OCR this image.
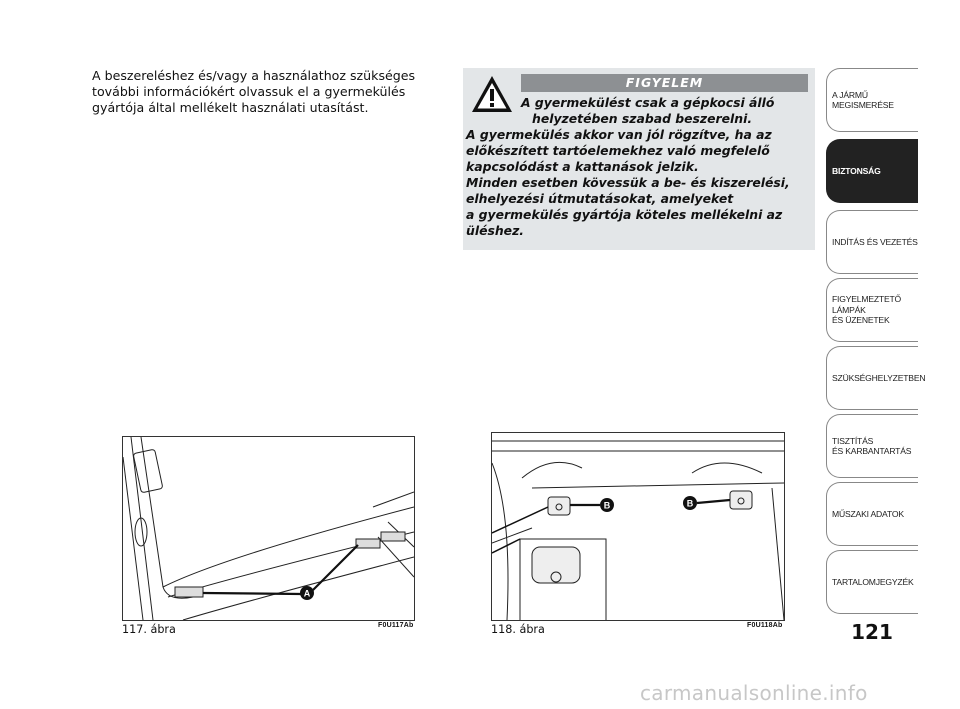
A beszereléshez és/vagy a használathoz szükséges
további információkért olvassuk el a gyermekülés
gyártója által mellékelt használati utasítást.
FIGYELEM
A gyermekülést csak a gépkocsi álló
helyzetében szabad beszerelni.
A gyermekülés akkor van jól rögzítve, ha az
előkészített tartóelemekhez való megfelelő
kapcsolódást a kattanások jelzik.
Minden esetben kövessük a be- és kiszerelési,
elhelyezési útmutatásokat, amelyeket
a gyermekülés gyártója köteles mellékelni az
üléshez.
A
117. ábra	F0U117Ab
B	B
118. ábra	F0U118Ab
A JÁRMŰ
MEGISMERÉSE
BIZTONSÁG
INDÍTÁS ÉS VEZETÉS
FIGYELMEZTETŐ
LÁMPÁK
ÉS ÜZENETEK
SZÜKSÉGHELYZETBEN
TISZTÍTÁS
ÉS KARBANTARTÁS
MŰSZAKI ADATOK
TARTALOMJEGYZÉK
121
carmanualsonline.info
